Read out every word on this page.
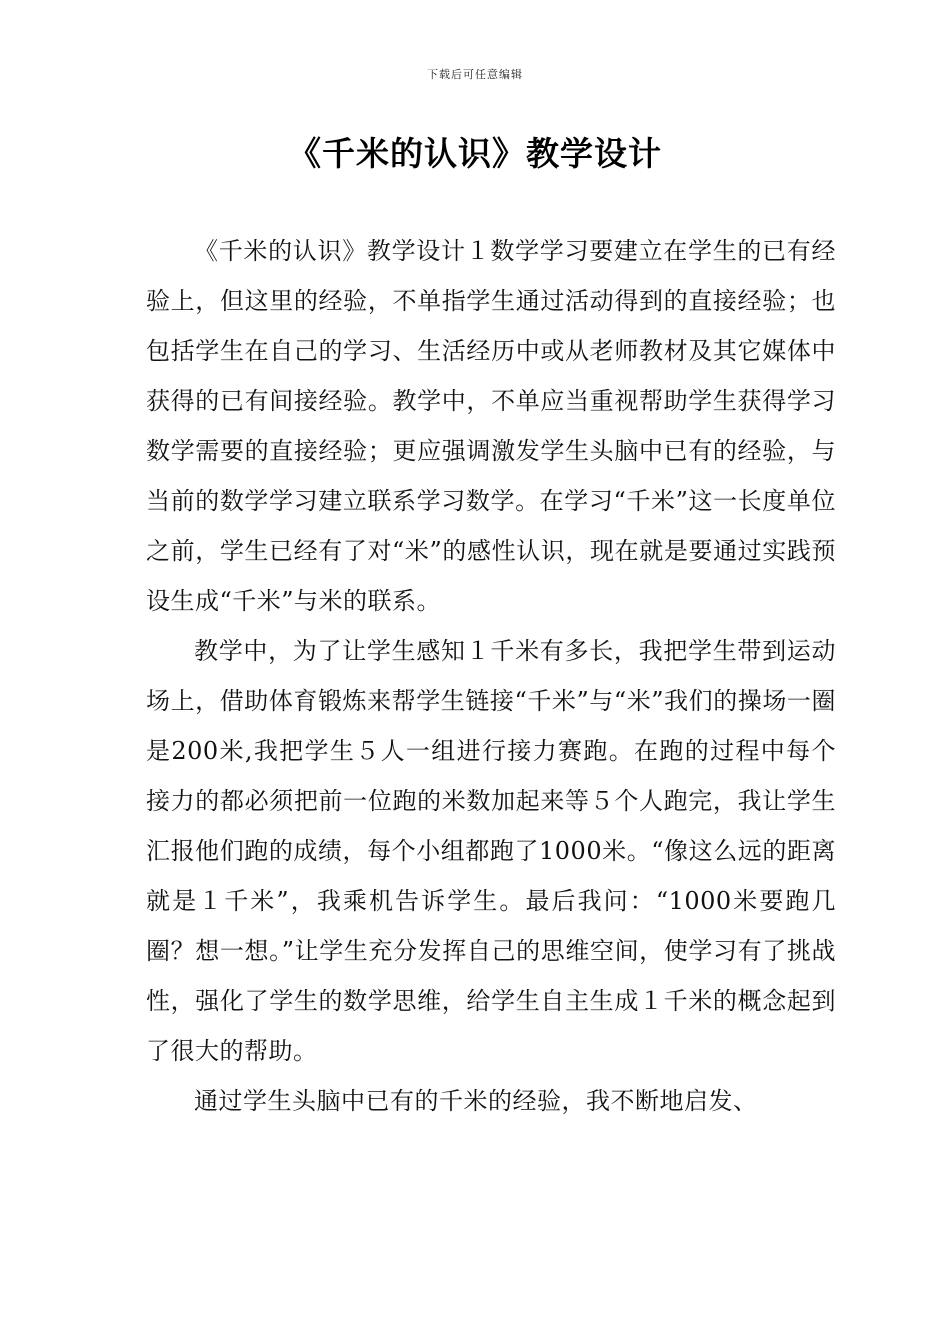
下载后可任意编辑
《千米的认识》教学设计

《千米的认识》教学设计１数学学习要建立在学生的已有经验上，但这里的经验，不单指学生通过活动得到的直接经验；也包括学生在自己的学习、生活经历中或从老师教材及其它媒体中获得的已有间接经验。教学中，不单应当重视帮助学生获得学习数学需要的直接经验；更应强调激发学生头脑中已有的经验，与当前的数学学习建立联系学习数学。在学习“千米”这一长度单位之前，学生已经有了对“米”的感性认识，现在就是要通过实践预设生成“千米”与米的联系。

教学中，为了让学生感知１千米有多长，我把学生带到运动场上，借助体育锻炼来帮学生链接“千米”与“米”我们的操场一圈是200米,我把学生５人一组进行接力赛跑。在跑的过程中每个接力的都必须把前一位跑的米数加起来等５个人跑完，我让学生汇报他们跑的成绩，每个小组都跑了1000米。“像这么远的距离就是１千米”，我乘机告诉学生。最后我问：“1000米要跑几圈？想一想。”让学生充分发挥自己的思维空间，使学习有了挑战性，强化了学生的数学思维，给学生自主生成１千米的概念起到了很大的帮助。

通过学生头脑中已有的千米的经验，我不断地启发、
